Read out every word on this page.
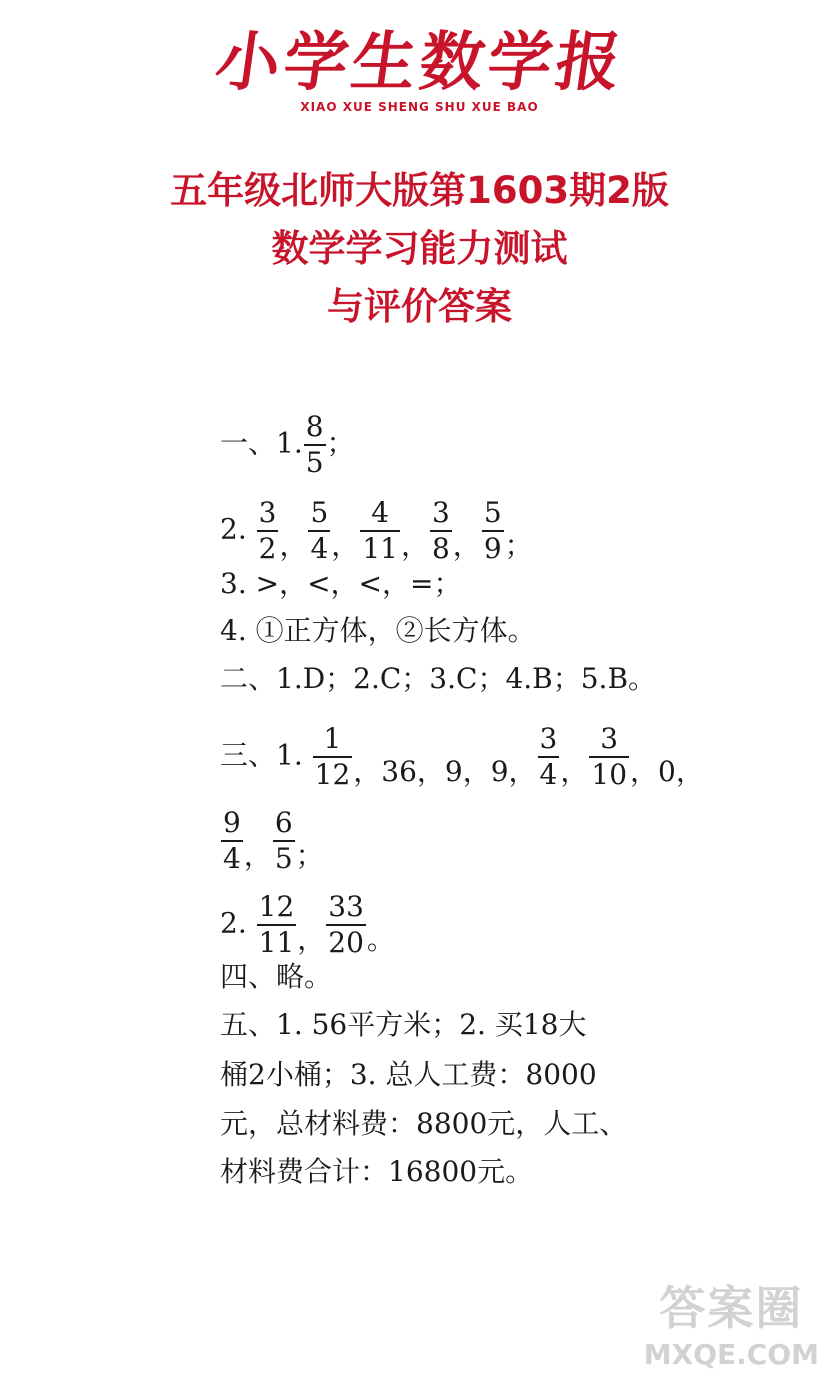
小学生数学报
XIAO XUE SHENG SHU XUE BAO
五年级北师大版第1603期2版
数学学习能力测试
与评价答案
一、1. $\frac{8}{5}$ ；
2. $\frac{3}{2}$ ， $\frac{5}{4}$ ， $\frac{4}{11}$ ， $\frac{3}{8}$ ， $\frac{5}{9}$ ；
3. >，<，<，=；
4. ①正方体，②长方体。
二、1.D；2.C；3.C；4.B；5.B。
三、1. $\frac{1}{12}$ ，36，9，9， $\frac{3}{4}$ ， $\frac{3}{10}$ ，0，
$\frac{9}{4}$ ， $\frac{6}{5}$ ；
2. $\frac{12}{11}$ ， $\frac{33}{20}$ 。
四、略。
五、1. 56平方米；2. 买18大
桶2小桶；3. 总人工费：8000
元，总材料费：8800元，人工、
材料费合计：16800元。
答案圈
MXQE.COM
